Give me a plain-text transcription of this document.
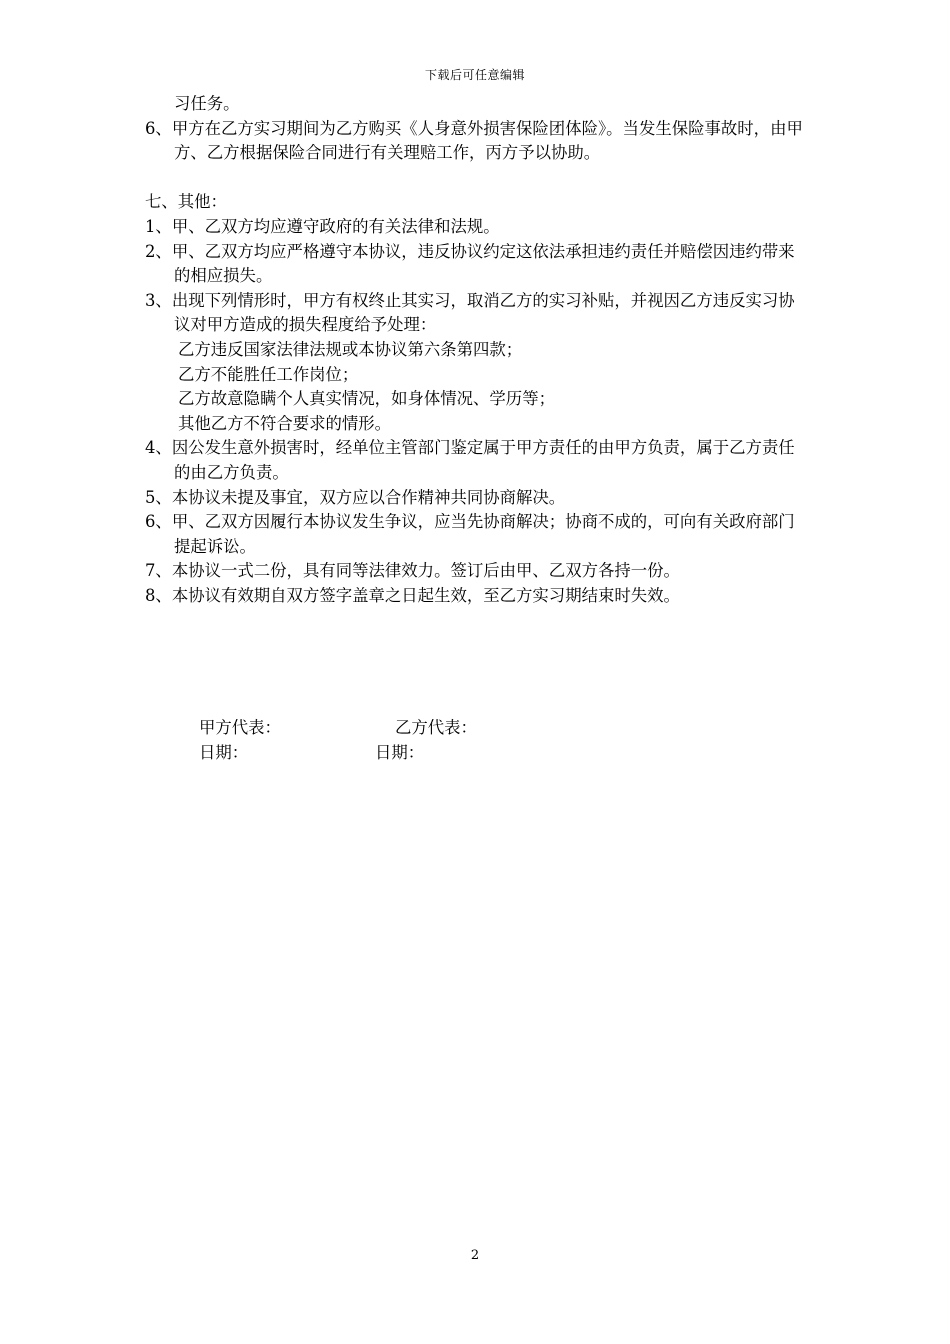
下载后可任意编辑

习任务。

6、甲方在乙方实习期间为乙方购买《人身意外损害保险团体险》。当发生保险事故时，由甲方、乙方根据保险合同进行有关理赔工作，丙方予以协助。

七、其他：

1、甲、乙双方均应遵守政府的有关法律和法规。

2、甲、乙双方均应严格遵守本协议，违反协议约定这依法承担违约责任并赔偿因违约带来的相应损失。

3、出现下列情形时，甲方有权终止其实习，取消乙方的实习补贴，并视因乙方违反实习协议对甲方造成的损失程度给予处理：

乙方违反国家法律法规或本协议第六条第四款；

乙方不能胜任工作岗位；

乙方故意隐瞒个人真实情况，如身体情况、学历等；

其他乙方不符合要求的情形。

4、因公发生意外损害时，经单位主管部门鉴定属于甲方责任的由甲方负责，属于乙方责任的由乙方负责。

5、本协议未提及事宜，双方应以合作精神共同协商解决。

6、甲、乙双方因履行本协议发生争议，应当先协商解决；协商不成的，可向有关政府部门提起诉讼。

7、本协议一式二份，具有同等法律效力。签订后由甲、乙双方各持一份。

8、本协议有效期自双方签字盖章之日起生效，至乙方实习期结束时失效。

甲方代表：	乙方代表：
日期：	日期：
2
